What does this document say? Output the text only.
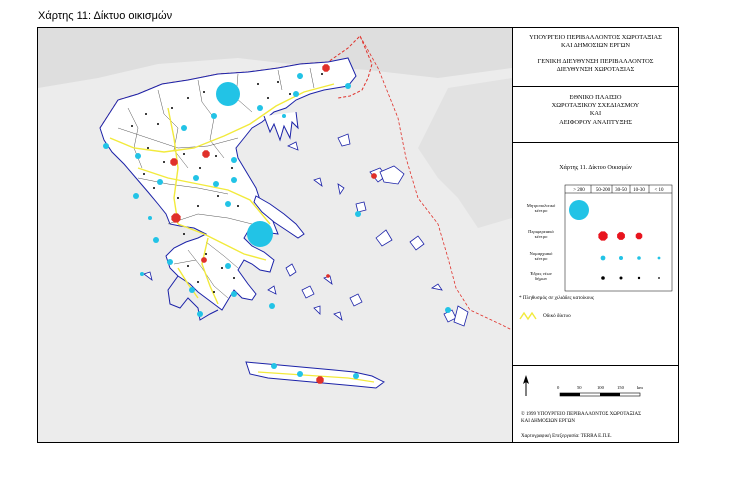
Χάρτης 11: Δίκτυο οικισμών
ΥΠΟΥΡΓΕΙΟ ΠΕΡΙΒΑΛΛΟΝΤΟΣ ΧΩΡΟΤΑΞΙΑΣ
ΚΑΙ ΔΗΜΟΣΙΩΝ ΕΡΓΩΝ
ΓΕΝΙΚΗ ΔΙΕΥΘΥΝΣΗ ΠΕΡΙΒΑΛΛΟΝΤΟΣ
ΔΙΕΥΘΥΝΣΗ ΧΩΡΟΤΑΞΙΑΣ
ΕΘΝΙΚΟ ΠΛΑΙΣΙΟ
ΧΩΡΟΤΑΞΙΚΟΥ ΣΧΕΔΙΑΣΜΟΥ
ΚΑΙ
ΑΕΙΦΟΡΟΥ ΑΝΑΠΤΥΞΗΣ
Χάρτης 11. Δίκτυο Οικισμών
> 200	50-200	30-50	10-30	< 10
Μητροπολιτικό
κέντρο
Περιφερειακό
κέντρο
Νομαρχιακό
κέντρο
Έδρες νέων
δήμων
* Πληθυσμός σε χιλιάδες κατοίκους
Οδικό δίκτυο
0	50	100	150	km
© 1999 ΥΠΟΥΡΓΕΙΟ ΠΕΡΙΒΑΛΛΟΝΤΟΣ ΧΩΡΟΤΑΞΙΑΣ
ΚΑΙ ΔΗΜΟΣΙΩΝ ΕΡΓΩΝ
Χαρτογραφική Επεξεργασία: TERRA Ε.Π.Ε.
